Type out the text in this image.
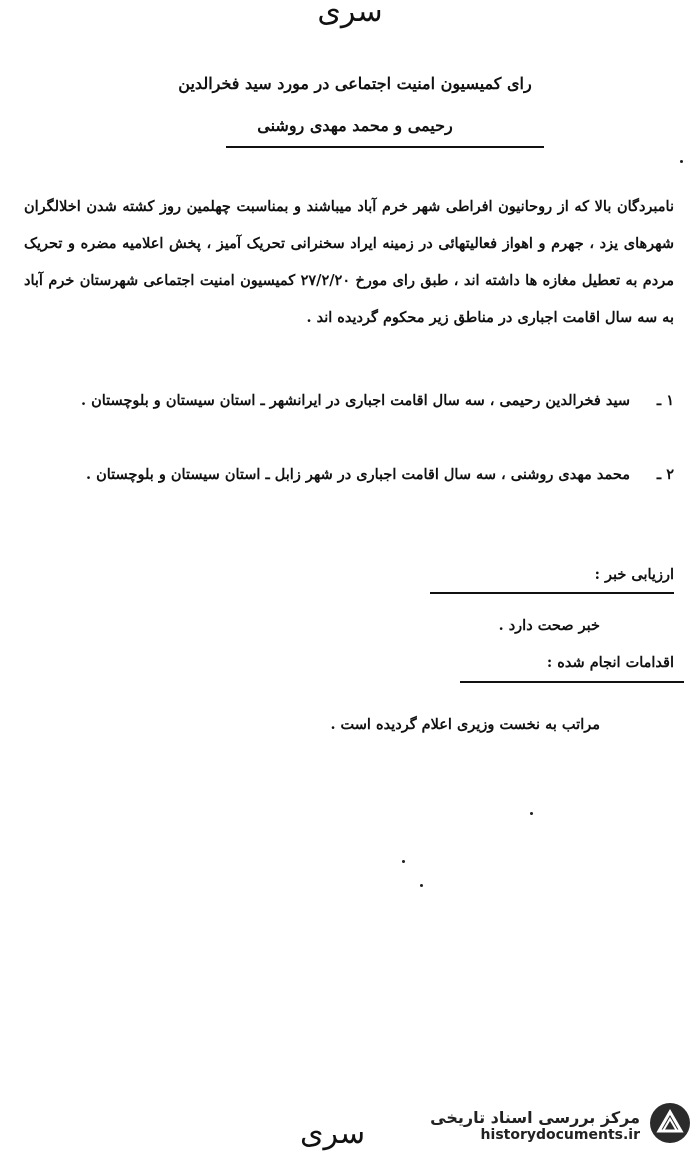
سری
رای کمیسیون امنیت اجتماعی در مورد سید فخرالدین
رحیمی و محمد مهدی روشنی
نامبردگان بالا که از روحانیون افراطی شهر خرم آباد میباشند و بمناسبت چهلمین روز کشته شدن اخلالگران شهرهای یزد ، جهرم و اهواز فعالیتهائی در زمینه ایراد سخنرانی تحریک آمیز ، پخش اعلامیه مضره و تحریک مردم به تعطیل مغازه ها داشته اند ، طبق رای مورخ ۲۷/۲/۲۰ کمیسیون امنیت اجتماعی شهرستان خرم آباد به سه سال اقامت اجباری در مناطق زیر محکوم گردیده اند .
۱ ـسید فخرالدین رحیمی ، سه سال اقامت اجباری در ایرانشهر ـ استان سیستان و بلوچستان .
۲ ـمحمد مهدی روشنی ، سه سال اقامت اجباری در شهر زابل ـ استان سیستان و بلوچستان .
ارزیابی خبر :
خبر صحت دارد .
اقدامات انجام شده :
مراتب به نخست وزیری اعلام گردیده است .
سری	مرکز بررسی اسناد تاریخی
historydocuments.ir
